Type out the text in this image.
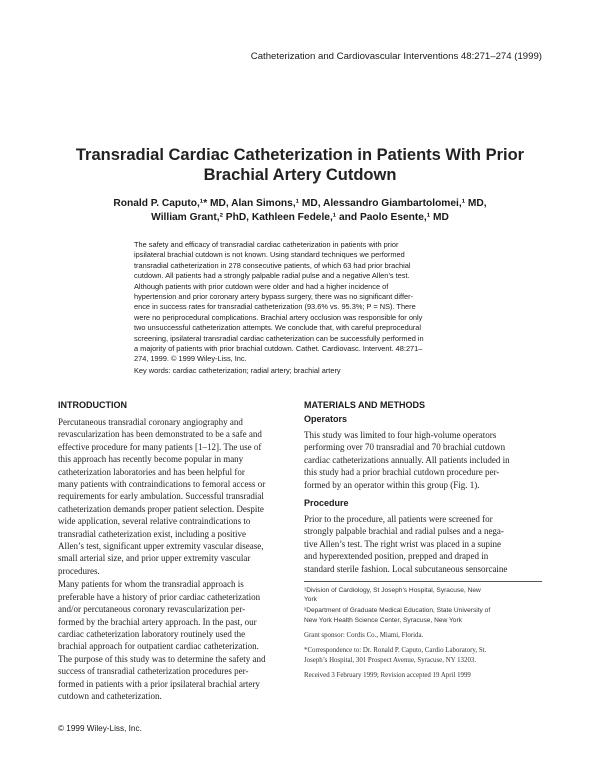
Catheterization and Cardiovascular Interventions 48:271–274 (1999)
Transradial Cardiac Catheterization in Patients With Prior
Brachial Artery Cutdown
Ronald P. Caputo,¹* MD, Alan Simons,¹ MD, Alessandro Giambartolomei,¹ MD,
William Grant,² PhD, Kathleen Fedele,¹ and Paolo Esente,¹ MD
The safety and efficacy of transradial cardiac catheterization in patients with prior
ipsilateral brachial cutdown is not known. Using standard techniques we performed
transradial catheterization in 278 consecutive patients, of which 63 had prior brachial
cutdown. All patients had a strongly palpable radial pulse and a negative Allen’s test.
Although patients with prior cutdown were older and had a higher incidence of
hypertension and prior coronary artery bypass surgery, there was no significant differ-
ence in success rates for transradial catheterization (93.6% vs. 95.3%; P = NS). There
were no periprocedural complications. Brachial artery occlusion was responsible for only
two unsuccessful catheterization attempts. We conclude that, with careful preprocedural
screening, ipsilateral transradial cardiac catheterization can be successfully performed in
a majority of patients with prior brachial cutdown. Cathet. Cardiovasc. Intervent. 48:271–
274, 1999. © 1999 Wiley-Liss, Inc.
Key words: cardiac catheterization; radial artery; brachial artery
INTRODUCTION
Percutaneous transradial coronary angiography and
revascularization has been demonstrated to be a safe and
effective procedure for many patients [1–12]. The use of
this approach has recently become popular in many
catheterization laboratories and has been helpful for
many patients with contraindications to femoral access or
requirements for early ambulation. Successful transradial
catheterization demands proper patient selection. Despite
wide application, several relative contraindications to
transradial catheterization exist, including a positive
Allen’s test, significant upper extremity vascular disease,
small arterial size, and prior upper extremity vascular
procedures.
Many patients for whom the transradial approach is
preferable have a history of prior cardiac catheterization
and/or percutaneous coronary revascularization per-
formed by the brachial artery approach. In the past, our
cardiac catheterization laboratory routinely used the
brachial approach for outpatient cardiac catheterization.
The purpose of this study was to determine the safety and
success of transradial catheterization procedures per-
formed in patients with a prior ipsilateral brachial artery
cutdown and catheterization.
MATERIALS AND METHODS
Operators
This study was limited to four high-volume operators
performing over 70 transradial and 70 brachial cutdown
cardiac catheterizations annually. All patients included in
this study had a prior brachial cutdown procedure per-
formed by an operator within this group (Fig. 1).
Procedure
Prior to the procedure, all patients were screened for
strongly palpable brachial and radial pulses and a nega-
tive Allen’s test. The right wrist was placed in a supine
and hyperextended position, prepped and draped in
standard sterile fashion. Local subcutaneous sensorcaine
¹Division of Cardiology, St Joseph’s Hospital, Syracuse, New
York
²Department of Graduate Medical Education, State University of
New York Health Science Center, Syracuse, New York
Grant sponsor: Cordis Co., Miami, Florida.
*Correspondence to: Dr. Ronald P. Caputo, Cardio Laboratory, St.
Joseph’s Hospital, 301 Prospect Avenue, Syracuse, NY 13203.
Received 3 February 1999; Revision accepted 19 April 1999
© 1999 Wiley-Liss, Inc.
